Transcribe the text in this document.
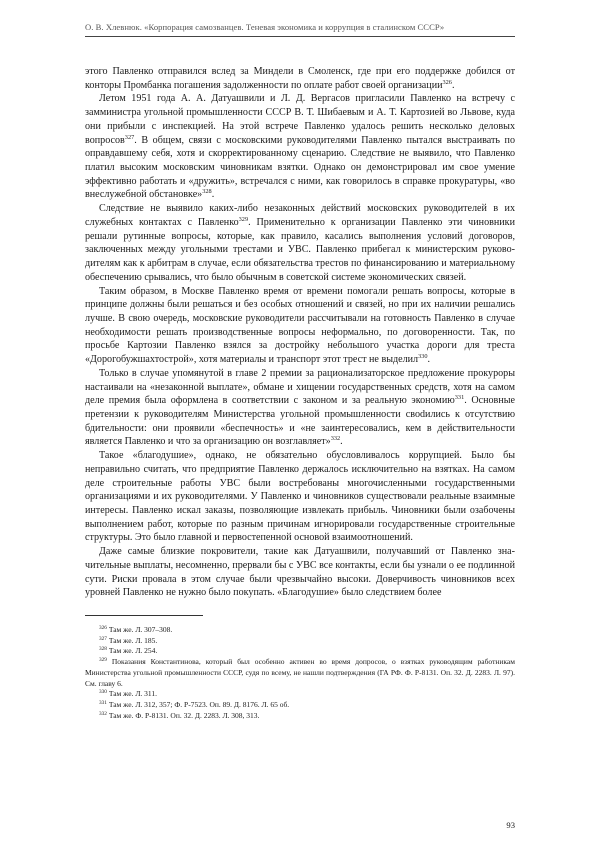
О. В. Хлевнюк. «Корпорация самозванцев. Теневая экономика и коррупция в сталинском СССР»

этого Павленко отправился вслед за Миндели в Смоленск, где при его поддержке добился от конторы Промбанка погашения задолженности по оплате работ своей организации$^{326}$.

Летом 1951 года А. А. Датуашвили и Л. Д. Вергасов пригласили Павленко на встречу с замминистра угольной промышленности СССР В. Т. Шибаевым и А. Т. Картозией во Львове, куда они прибыли с инспекцией. На этой встрече Павленко удалось решить несколько деловых вопросов$^{327}$. В общем, связи с московскими руководителями Павленко пытался выстраивать по оправдавшему себя, хотя и скорректированному сценарию. Следствие не выявило, что Павленко платил высоким московским чиновникам взятки. Однако он демонстрировал им свое умение эффективно работать и «дружить», встречался с ними, как говорилось в справке прокуратуры, «во внеслужебной обстановке»$^{328}$.

Следствие не выявило каких-либо незаконных действий московских руководителей в их служебных контактах с Павленко$^{329}$. Применительно к организации Павленко эти чиновники решали рутинные вопросы, которые, как правило, касались выполнения условий договоров, заключенных между угольными трестами и УВС. Павленко прибегал к министерским руководителям как к арбитрам в случае, если обязательства трестов по финансированию и материальному обеспечению срывались, что было обычным в советской системе экономических связей.

Таким образом, в Москве Павленко время от времени помогали решать вопросы, которые в принципе должны были решаться и без особых отношений и связей, но при их наличии решались лучше. В свою очередь, московские руководители рассчитывали на готовность Павленко в случае необходимости решать производственные вопросы неформально, по договоренности. Так, по просьбе Картозии Павленко взялся за достройку небольшого участка дороги для треста «Дорогобужшахтострой», хотя материалы и транспорт этот трест не выделил$^{330}$.

Только в случае упомянутой в главе 2 премии за рационализаторское предложение прокуроры настаивали на «незаконной выплате», обмане и хищении государственных средств, хотя на самом деле премия была оформлена в соответствии с законом и за реальную экономию$^{331}$. Основные претензии к руководителям Министерства угольной промышленности своdились к отсутствию бдительности: они проявили «беспечность» и «не заинтересовались, кем в действительности является Павленко и что за организацию он возглавляет»$^{332}$.

Такое «благодушие», однако, не обязательно обусловливалось коррупцией. Было бы неправильно считать, что предприятие Павленко держалось исключительно на взятках. На самом деле строительные работы УВС были востребованы многочисленными государственными организациями и их руководителями. У Павленко и чиновников существовали реальные взаимные интересы. Павленко искал заказы, позволяющие извлекать прибыль. Чиновники были озабочены выполнением работ, которые по разным причинам игнорировали государственные строительные структуры. Это было главной и первостепенной основой взаимоотношений.

Даже самые близкие покровители, такие как Датуашвили, получавший от Павленко значительные выплаты, несомненно, прервали бы с УВС все контакты, если бы узнали о ее подлинной сути. Риски провала в этом случае были чрезвычайно высоки. Доверчивость чиновников всех уровней Павленко не нужно было покупать. «Благодушие» было следствием более

$^{326}$ Там же. Л. 307–308.

$^{327}$ Там же. Л. 185.

$^{328}$ Там же. Л. 254.

$^{329}$ Показания Константинова, который был особенно активен во время допросов, о взятках руководящим работникам Министерства угольной промышленности СССР, судя по всему, не нашли подтверждения (ГА РФ. Ф. Р-8131. Оп. 32. Д. 2283. Л. 97). См. главу 6.

$^{330}$ Там же. Л. 311.

$^{331}$ Там же. Л. 312, 357; Ф. Р-7523. Оп. 89. Д. 8176. Л. 65 об.

$^{332}$ Там же. Ф. Р-8131. Оп. 32. Д. 2283. Л. 308, 313.

93
